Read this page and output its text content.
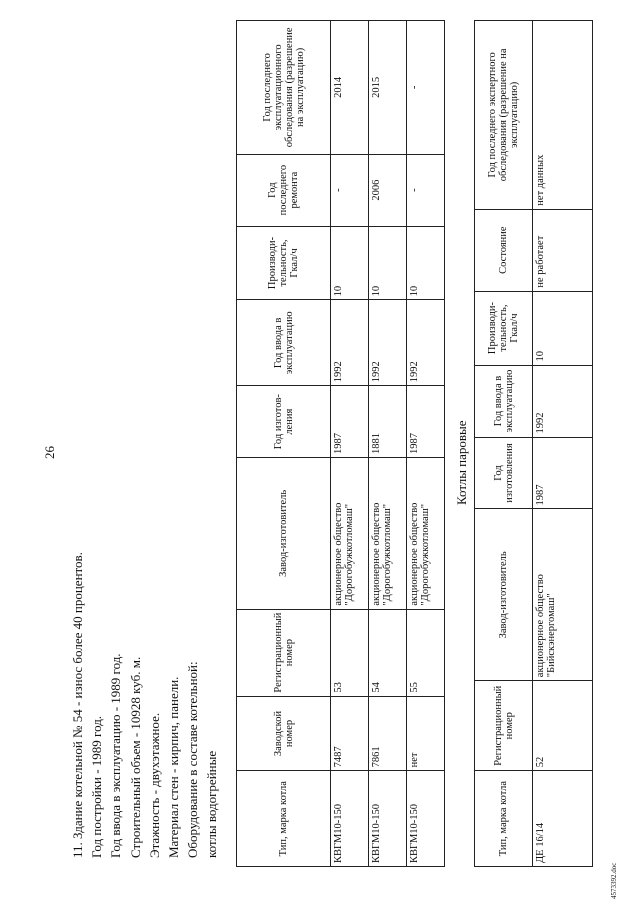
26
11. Здание котельной № 54 - износ более 40 процентов. Год постройки - 1989 год. Год ввода в эксплуатацию - 1989 год. Строительный объем - 10928 куб. м. Этажность - двухэтажное. Материал стен - кирпич, панели. Оборудование в составе котельной: котлы водогрейные	Тип, марка котла	Заводской номер	Регистрационный номер	Завод-изготовитель	Год изготов-ления	Год ввода в эксплуатацию	Производи-тельность, Гкал/ч	Год последнего ремонта	Год последнего эксплуатационного обследования (разрешение на эксплуатацию)
КВГМ10-150	7487	53	акционерное общество "Дорогобужкотломаш"	1987	1992	10	-	2014
КВГМ10-150	7861	54	акционерное общество "Дорогобужкотломаш"	1881	1992	10	2006	2015
КВГМ10-150	нет	55	акционерное общество "Дорогобужкотломаш"	1987	1992	10	-	-
Котлы паровые
Тип, марка котла	Регистрационный номер	Завод-изготовитель	Год изготовления	Год ввода в эксплуатацию	Производи-тельность, Гкал/ч	Состояние	Год последнего экспертного обследования (разрешение на эксплуатацию)
ДЕ 16/14	52	акционерное общество "Бийскэнергомаш"	1987	1992	10	не работает	нет данных
4573392.doc
